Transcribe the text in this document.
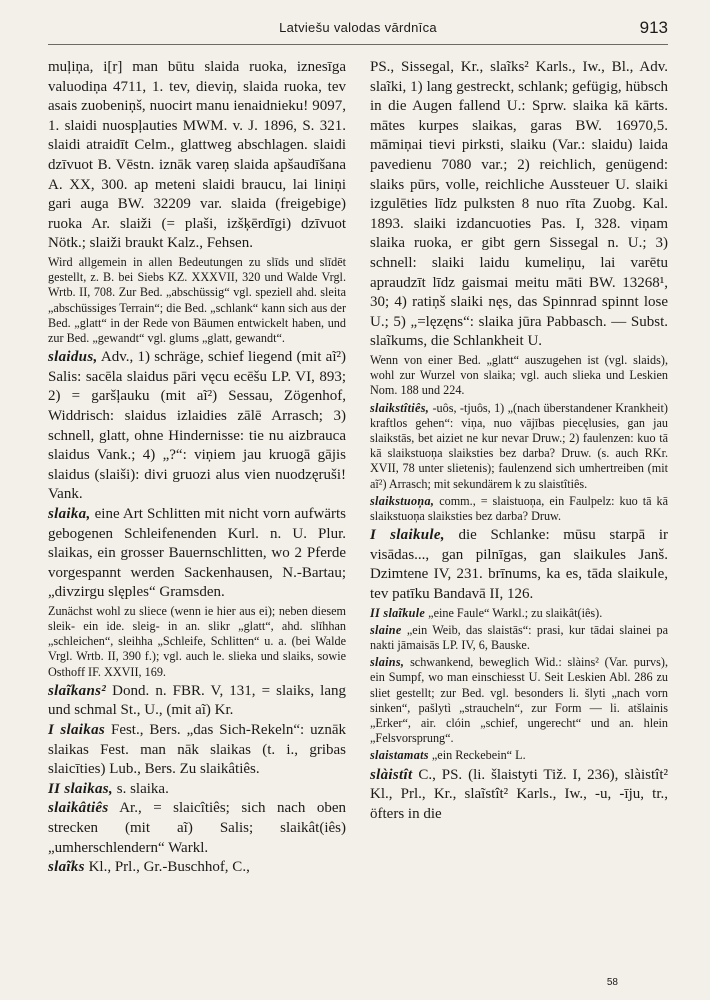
Latviešu valodas vārdnīca	913

muļiņa, i[r] man būtu slaida ruoka, iznesīga valuodiņa 4711, 1. tev, dieviņ, slaida ruoka, tev asais zuobeniņš, nuocirt manu ienaidnieku! 9097, 1. slaidi nuospļauties MWM. v. J. 1896, S. 321. slaidi atraidīt Celm., glattweg abschlagen. slaidi dzīvuot B. Vēstn. iznāk vareņ slaida apšaudīšana A. XX, 300. ap meteni slaidi braucu, lai liniņi gari auga BW. 32209 var. slaida (freigebige) ruoka Ar. slaiži (= plaši, izšķērdīgi) dzīvuot Nötk.; slaiži braukt Kalz., Fehsen.

Wird allgemein in allen Bedeutungen zu slīds und slīdēt gestellt, z. B. bei Siebs KZ. XXXVII, 320 und Walde Vrgl. Wrtb. II, 708. Zur Bed. „abschüssig“ vgl. speziell ahd. sleita „abschüssiges Terrain“; die Bed. „schlank“ kann sich aus der Bed. „glatt“ in der Rede von Bäumen entwickelt haben, und zur Bed. „gewandt“ vgl. glums „glatt, gewandt“.

slaidus, Adv., 1) schräge, schief liegend (mit aĩ²) Salis: sacēla slaidus pāri vęcu ecēšu LP. VI, 893; 2) = garšļauku (mit aĩ²) Sessau, Zögenhof, Widdrisch: slaidus izlaidies zālē Arrasch; 3) schnell, glatt, ohne Hindernisse: tie nu aizbrauca slaidus Vank.; 4) „?“: viņiem jau kruogā gājis slaidus (slaiši): divi gruozi alus vien nuodzęruši! Vank.

slaika, eine Art Schlitten mit nicht vorn aufwärts gebogenen Schleifenenden Kurl. n. U. Plur. slaikas, ein grosser Bauernschlitten, wo 2 Pferde vorgespannt werden Sackenhausen, N.-Bartau; „divzirgu slęples“ Gramsden.

Zunächst wohl zu sliece (wenn ie hier aus ei); neben diesem sleik- ein ide. sleig- in an. slikr „glatt“, ahd. slīhhan „schleichen“, sleihha „Schleife, Schlitten“ u. a. (bei Walde Vrgl. Wrtb. II, 390 f.); vgl. auch le. slieka und slaiks, sowie Osthoff IF. XXVII, 169.

slaĩkans² Dond. n. FBR. V, 131, = slaiks, lang und schmal St., U., (mit aĩ) Kr.

I slaikas Fest., Bers. „das Sich-Rekeln“: uznāk slaikas Fest. man nāk slaikas (t. i., gribas slaicīties) Lub., Bers. Zu slaikâtiês.

II slaikas, s. slaika.

slaikâtiês Ar., = slaicîtiês; sich nach oben strecken (mit aĩ) Salis; slaikât(iês) „umherschlendern“ Warkl.

slaĩks Kl., Prl., Gr.-Buschhof, C.,

PS., Sissegal, Kr., slaĩks² Karls., Iw., Bl., Adv. slaĩki, 1) lang gestreckt, schlank; gefügig, hübsch in die Augen fallend U.: Sprw. slaika kā kārts. mātes kurpes slaikas, garas BW. 16970,5. māmiņai tievi pirksti, slaiku (Var.: slaidu) laida pavedienu 7080 var.; 2) reichlich, genügend: slaiks pūrs, volle, reichliche Aussteuer U. slaiki izgulēties līdz pulksten 8 nuo rīta Zuobg. Kal. 1893. slaiki izdancuoties Pas. I, 328. viņam slaika ruoka, er gibt gern Sissegal n. U.; 3) schnell: slaiki laidu kumeliņu, lai varētu apraudzīt līdz gaismai meitu māti BW. 13268¹, 30; 4) ratiņš slaiki nęs, das Spinnrad spinnt lose U.; 5) „=lęzęns“: slaika jūra Pabbasch. — Subst. slaĩkums, die Schlankheit U.

Wenn von einer Bed. „glatt“ auszugehen ist (vgl. slaids), wohl zur Wurzel von slaika; vgl. auch slieka und Leskien Nom. 188 und 224.
slaikstîtiês, -uôs, -tjuôs, 1) „(nach überstandener Krankheit) kraftlos gehen“: viņa, nuo vājības piecęlusies, gan jau slaikstās, bet aiziet ne kur nevar Druw.; 2) faulenzen: kuo tā kā slaikstuoņa slaiksties bez darba? Druw. (s. auch RKr. XVII, 78 unter slietenis); faulenzend sich umhertreiben (mit aĩ²) Arrasch; mit sekundärem k zu slaistîtiês.
slaikstuoņa, comm., = slaistuoņa, ein Faulpelz: kuo tā kā slaikstuoņa slaiksties bez darba? Druw.

I slaikule, die Schlanke: mūsu starpā ir visādas..., gan pilnīgas, gan slaikules Janš. Dzimtene IV, 231. brīnums, ka es, tāda slaikule, tev patīku Bandavā II, 126.

II slaĩkule „eine Faule“ Warkl.; zu slaikât(iês).
slaine „ein Weib, das slaistās“: prasi, kur tādai slainei pa nakti jāmaisās LP. IV, 6, Bauske.
slains, schwankend, beweglich Wid.: slàins² (Var. purvs), ein Sumpf, wo man einschiesst U. Seit Leskien Abl. 286 zu sliet gestellt; zur Bed. vgl. besonders li. šlyti „nach vorn sinken“, pašlytì „straucheln“, zur Form — li. atšlainis „Erker“, air. clóin „schief, ungerecht“ und an. hlein „Felsvorsprung“.
slaistamats „ein Reckebein“ L.

slàistît C., PS. (li. šlaistyti Tiž. I, 236), slàistît² Kl., Prl., Kr., slaĩstît² Karls., Iw., -u, -īju, tr., öfters in die

58
